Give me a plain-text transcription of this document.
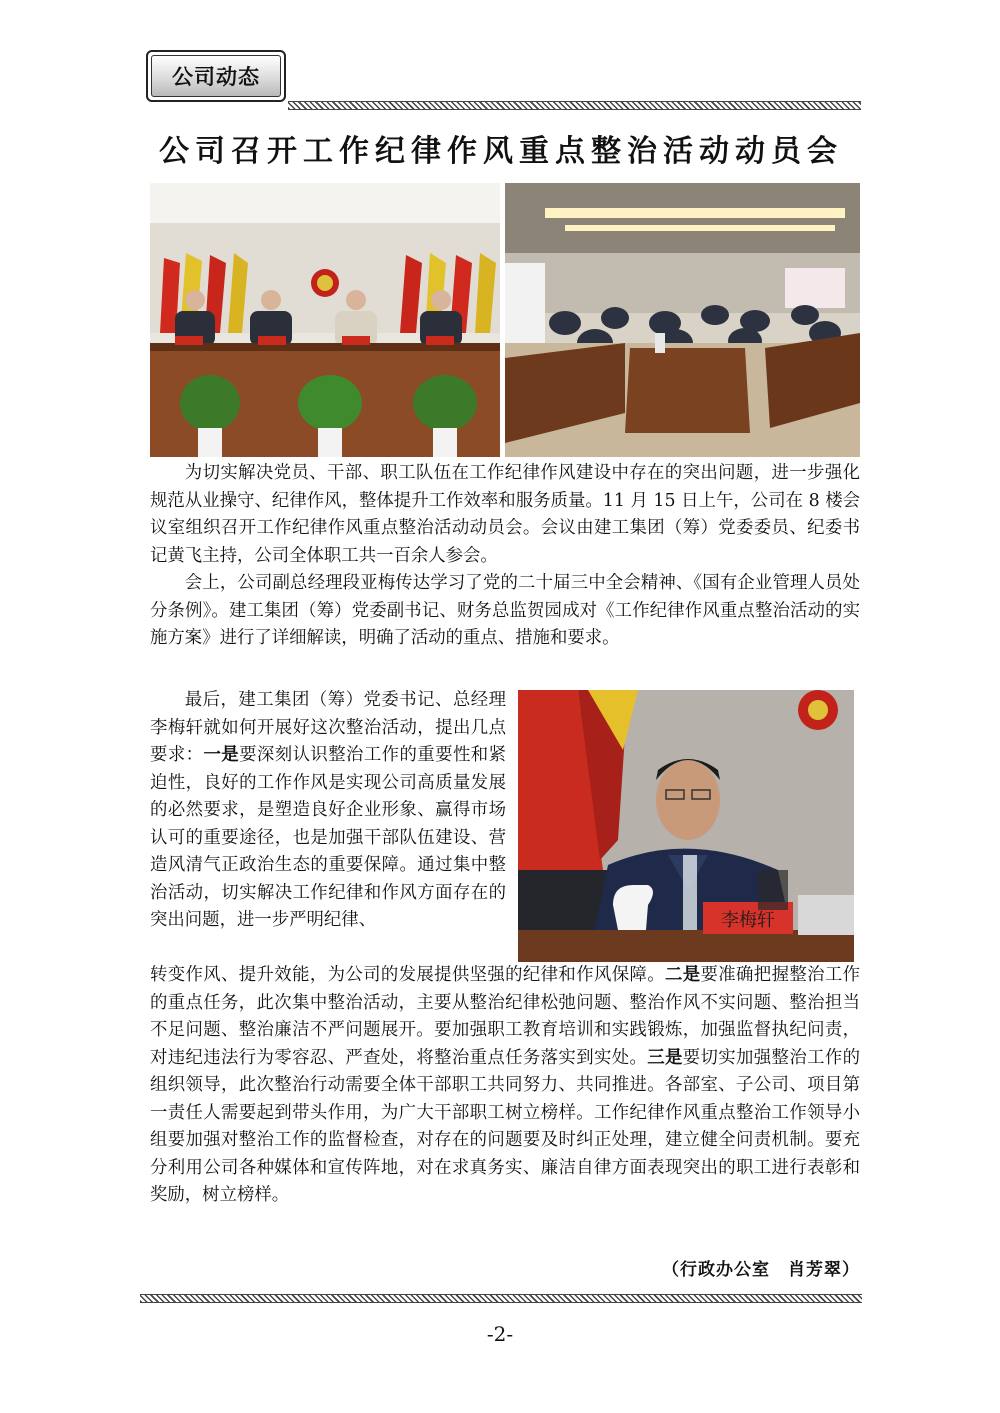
公司动态
公司召开工作纪律作风重点整治活动动员会

为切实解决党员、干部、职工队伍在工作纪律作风建设中存在的突出问题，进一步强化规范从业操守、纪律作风，整体提升工作效率和服务质量。11 月 15 日上午，公司在 8 楼会议室组织召开工作纪律作风重点整治活动动员会。会议由建工集团（筹）党委委员、纪委书记黄飞主持，公司全体职工共一百余人参会。

会上，公司副总经理段亚梅传达学习了党的二十届三中全会精神、《国有企业管理人员处分条例》。建工集团（筹）党委副书记、财务总监贺园成对《工作纪律作风重点整治活动的实施方案》进行了详细解读，明确了活动的重点、措施和要求。

最后，建工集团（筹）党委书记、总经理李梅轩就如何开展好这次整治活动，提出几点要求：一是要深刻认识整治工作的重要性和紧迫性，良好的工作作风是实现公司高质量发展的必然要求，是塑造良好企业形象、赢得市场认可的重要途径，也是加强干部队伍建设、营造风清气正政治生态的重要保障。通过集中整治活动，切实解决工作纪律和作风方面存在的突出问题，进一步严明纪律、	李梅轩

转变作风、提升效能，为公司的发展提供坚强的纪律和作风保障。二是要准确把握整治工作的重点任务，此次集中整治活动，主要从整治纪律松弛问题、整治作风不实问题、整治担当不足问题、整治廉洁不严问题展开。要加强职工教育培训和实践锻炼，加强监督执纪问责，对违纪违法行为零容忍、严查处，将整治重点任务落实到实处。三是要切实加强整治工作的组织领导，此次整治行动需要全体干部职工共同努力、共同推进。各部室、子公司、项目第一责任人需要起到带头作用，为广大干部职工树立榜样。工作纪律作风重点整治工作领导小组要加强对整治工作的监督检查，对存在的问题要及时纠正处理，建立健全问责机制。要充分利用公司各种媒体和宣传阵地，对在求真务实、廉洁自律方面表现突出的职工进行表彰和奖励，树立榜样。

（行政办公室　肖芳翠）
-2-
